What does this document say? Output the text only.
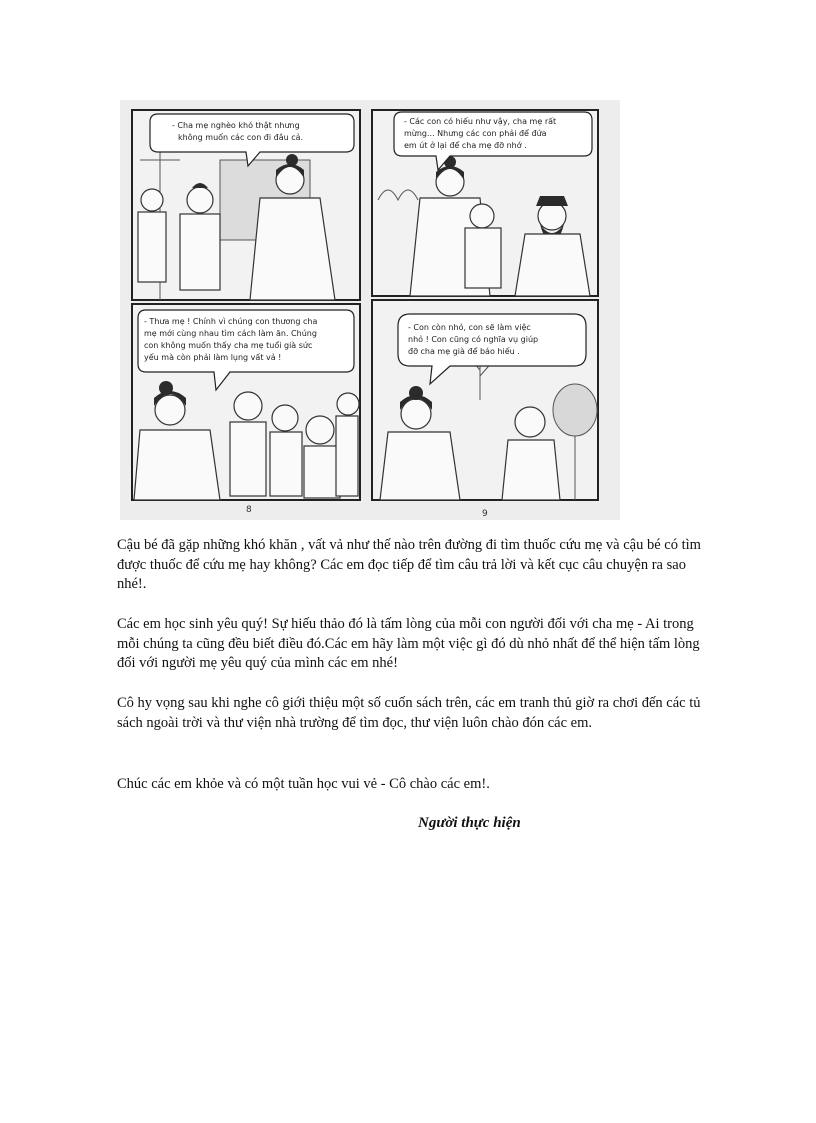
- Cha mẹ nghèo khó thật nhưng
không muốn các con đi đâu cả.
- Các con có hiếu như vậy, cha mẹ rất
mừng... Nhưng các con phải để đứa
em út ở lại để cha mẹ đỡ nhớ .
- Thưa mẹ ! Chính vì chúng con thương cha
mẹ mới cùng nhau tìm cách làm ăn. Chúng
con không muốn thấy cha mẹ tuổi già sức
yếu mà còn phải làm lụng vất vả !
- Con còn nhỏ, con sẽ làm việc
nhỏ ! Con cũng có nghĩa vụ giúp
đỡ cha mẹ già để báo hiếu .
8	9
Cậu bé đã gặp những khó khăn , vất vả như thế nào trên đường đi tìm thuốc cứu mẹ và cậu bé có tìm được thuốc để cứu mẹ hay không? Các em đọc tiếp để tìm câu trả lời và kết cục câu chuyện ra sao nhé!.
Các em học sinh yêu quý! Sự hiếu thảo đó là tấm lòng của mỗi con người đối với cha mẹ - Ai trong mỗi chúng ta cũng đều biết điều đó.Các em hãy làm một việc gì đó dù nhỏ nhất để thể hiện tấm lòng đối với người mẹ yêu quý của mình các em nhé!
Cô hy vọng sau khi nghe cô giới thiệu một số cuốn sách trên, các em tranh thủ giờ ra chơi đến các tủ sách ngoài trời và thư viện nhà trường để tìm đọc, thư viện luôn chào đón các em.
Chúc các em khỏe và có một tuần học vui vẻ - Cô chào các em!.
Người thực hiện
